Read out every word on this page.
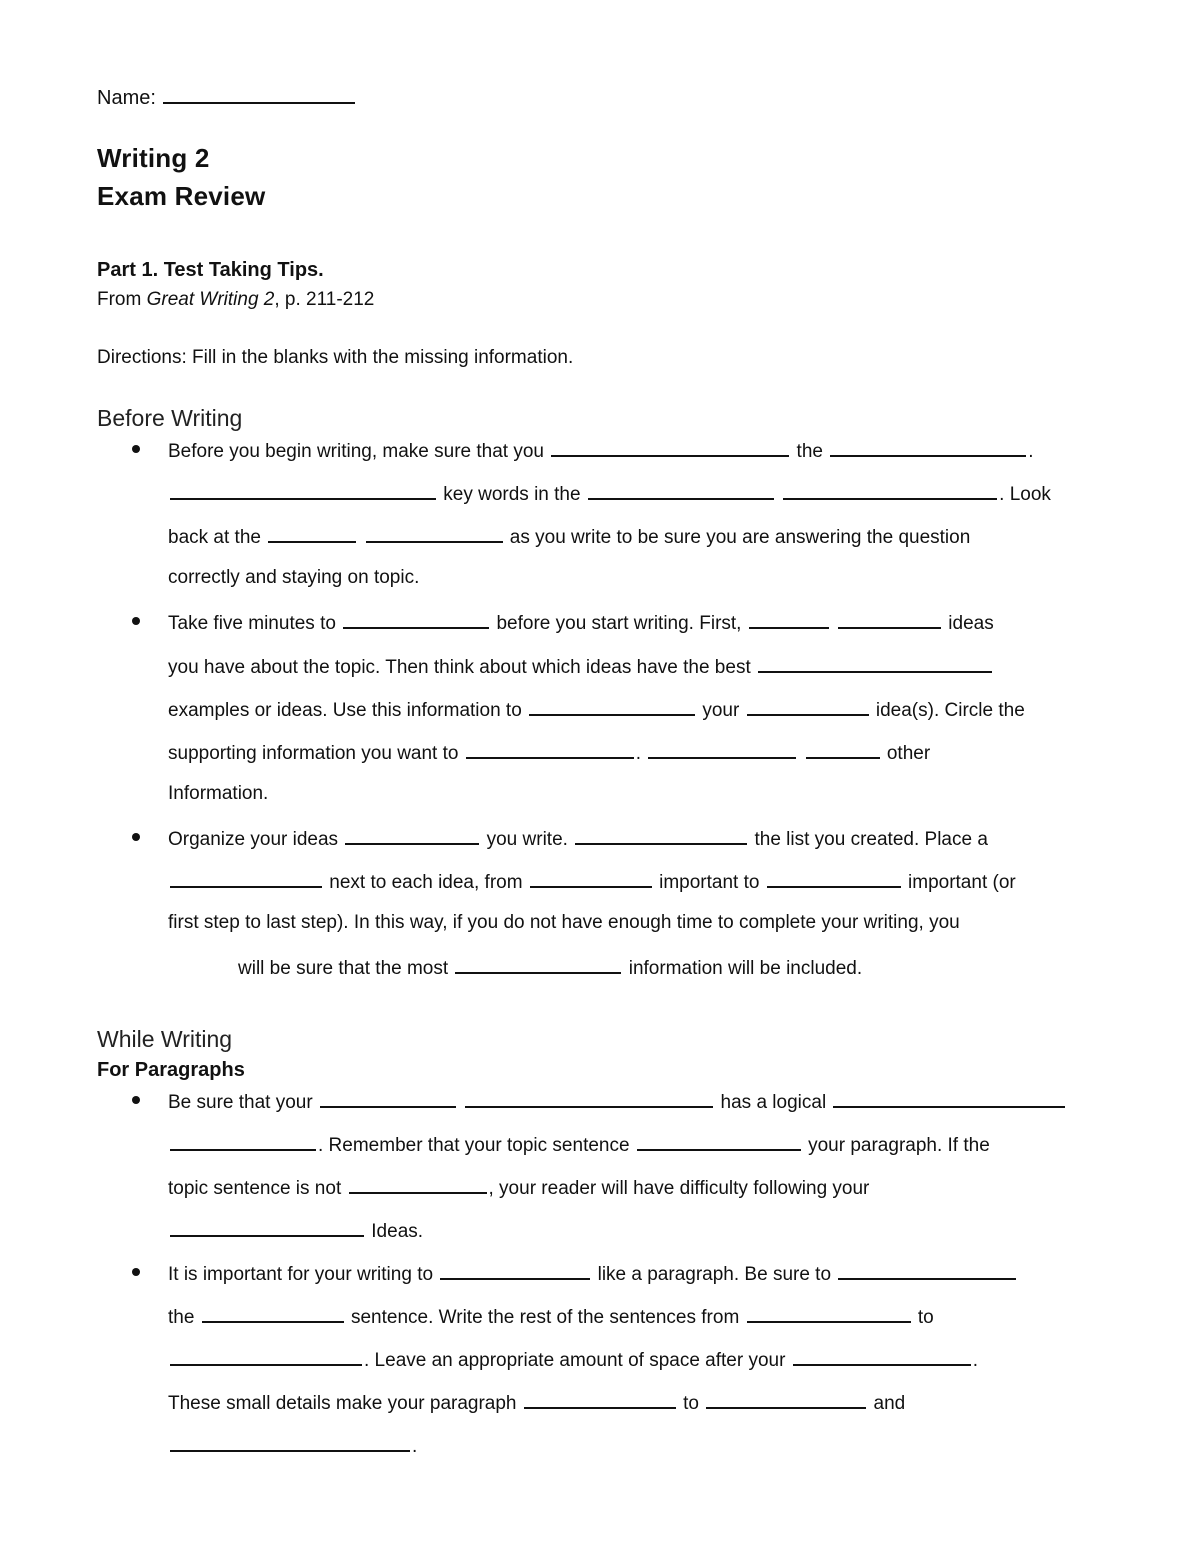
Name:
Writing 2
Exam Review
Part 1. Test Taking Tips.
From Great Writing 2, p. 211-212
Directions: Fill in the blanks with the missing information.
Before Writing
Before you begin writing, make sure that you	the	.
key words in the	. Look
back at the	as you write to be sure you are answering the question
correctly and staying on topic.
Take five minutes to	before you start writing. First,	ideas
you have about the topic. Then think about which ideas have the best
examples or ideas. Use this information to	your	idea(s). Circle the
supporting information you want to	.	other
Information.
Organize your ideas	you write.	the list you created. Place a
next to each idea, from	important to	important (or
first step to last step). In this way, if you do not have enough time to complete your writing, you
will be sure that the most	information will be included.
While Writing
For Paragraphs
Be sure that your	has a logical
. Remember that your topic sentence	your paragraph. If the
topic sentence is not	, your reader will have difficulty following your
Ideas.
It is important for your writing to	like a paragraph. Be sure to
the	sentence. Write the rest of the sentences from	to
. Leave an appropriate amount of space after your	.
These small details make your paragraph	to	and
.
